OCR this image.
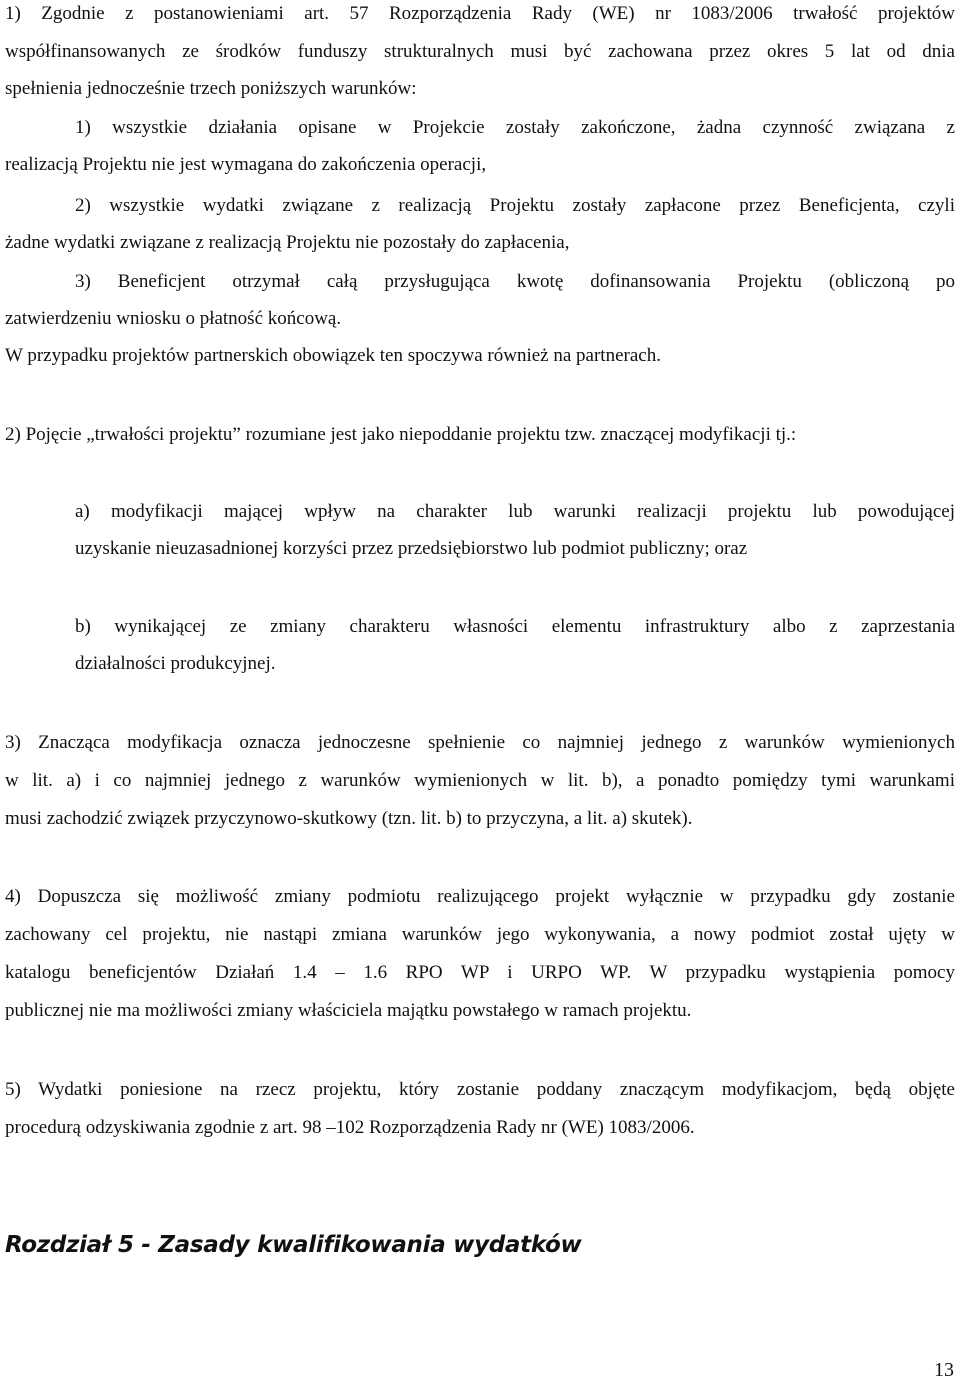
1) Zgodnie z postanowieniami art. 57 Rozporządzenia Rady (WE) nr 1083/2006 trwałość projektów

współfinansowanych ze środków funduszy strukturalnych musi być zachowana przez okres 5 lat od dnia

spełnienia jednocześnie trzech poniższych warunków:

1) wszystkie działania opisane w Projekcie zostały zakończone, żadna czynność związana z

realizacją Projektu nie jest wymagana do zakończenia operacji,

2) wszystkie wydatki związane z realizacją Projektu zostały zapłacone przez Beneficjenta, czyli

żadne wydatki związane z realizacją Projektu nie pozostały do zapłacenia,

3) Beneficjent otrzymał całą przysługująca kwotę dofinansowania Projektu (obliczoną po

zatwierdzeniu wniosku o płatność końcową.

W przypadku projektów partnerskich obowiązek ten spoczywa również na partnerach.

2) Pojęcie „trwałości projektu” rozumiane jest jako niepoddanie projektu tzw. znaczącej modyfikacji tj.:

a) modyfikacji mającej wpływ na charakter lub warunki realizacji projektu lub powodującej

uzyskanie nieuzasadnionej korzyści przez przedsiębiorstwo lub podmiot publiczny; oraz

b) wynikającej ze zmiany charakteru własności elementu infrastruktury albo z zaprzestania

działalności produkcyjnej.

3) Znacząca modyfikacja oznacza jednoczesne spełnienie co najmniej jednego z warunków wymienionych

w lit. a) i co najmniej jednego z warunków wymienionych w lit. b), a ponadto pomiędzy tymi warunkami

musi zachodzić związek przyczynowo-skutkowy (tzn. lit. b) to przyczyna, a lit. a) skutek).

4) Dopuszcza się możliwość zmiany podmiotu realizującego projekt wyłącznie w przypadku gdy zostanie

zachowany cel projektu, nie nastąpi zmiana warunków jego wykonywania, a nowy podmiot został ujęty w

katalogu beneficjentów Działań 1.4 – 1.6 RPO WP i URPO WP. W przypadku wystąpienia pomocy

publicznej nie ma możliwości zmiany właściciela majątku powstałego w ramach projektu.

5) Wydatki poniesione na rzecz projektu, który zostanie poddany znaczącym modyfikacjom, będą objęte

procedurą odzyskiwania zgodnie z art. 98 –102 Rozporządzenia Rady nr (WE) 1083/2006.

Rozdział 5 - Zasady kwalifikowania wydatków
13
